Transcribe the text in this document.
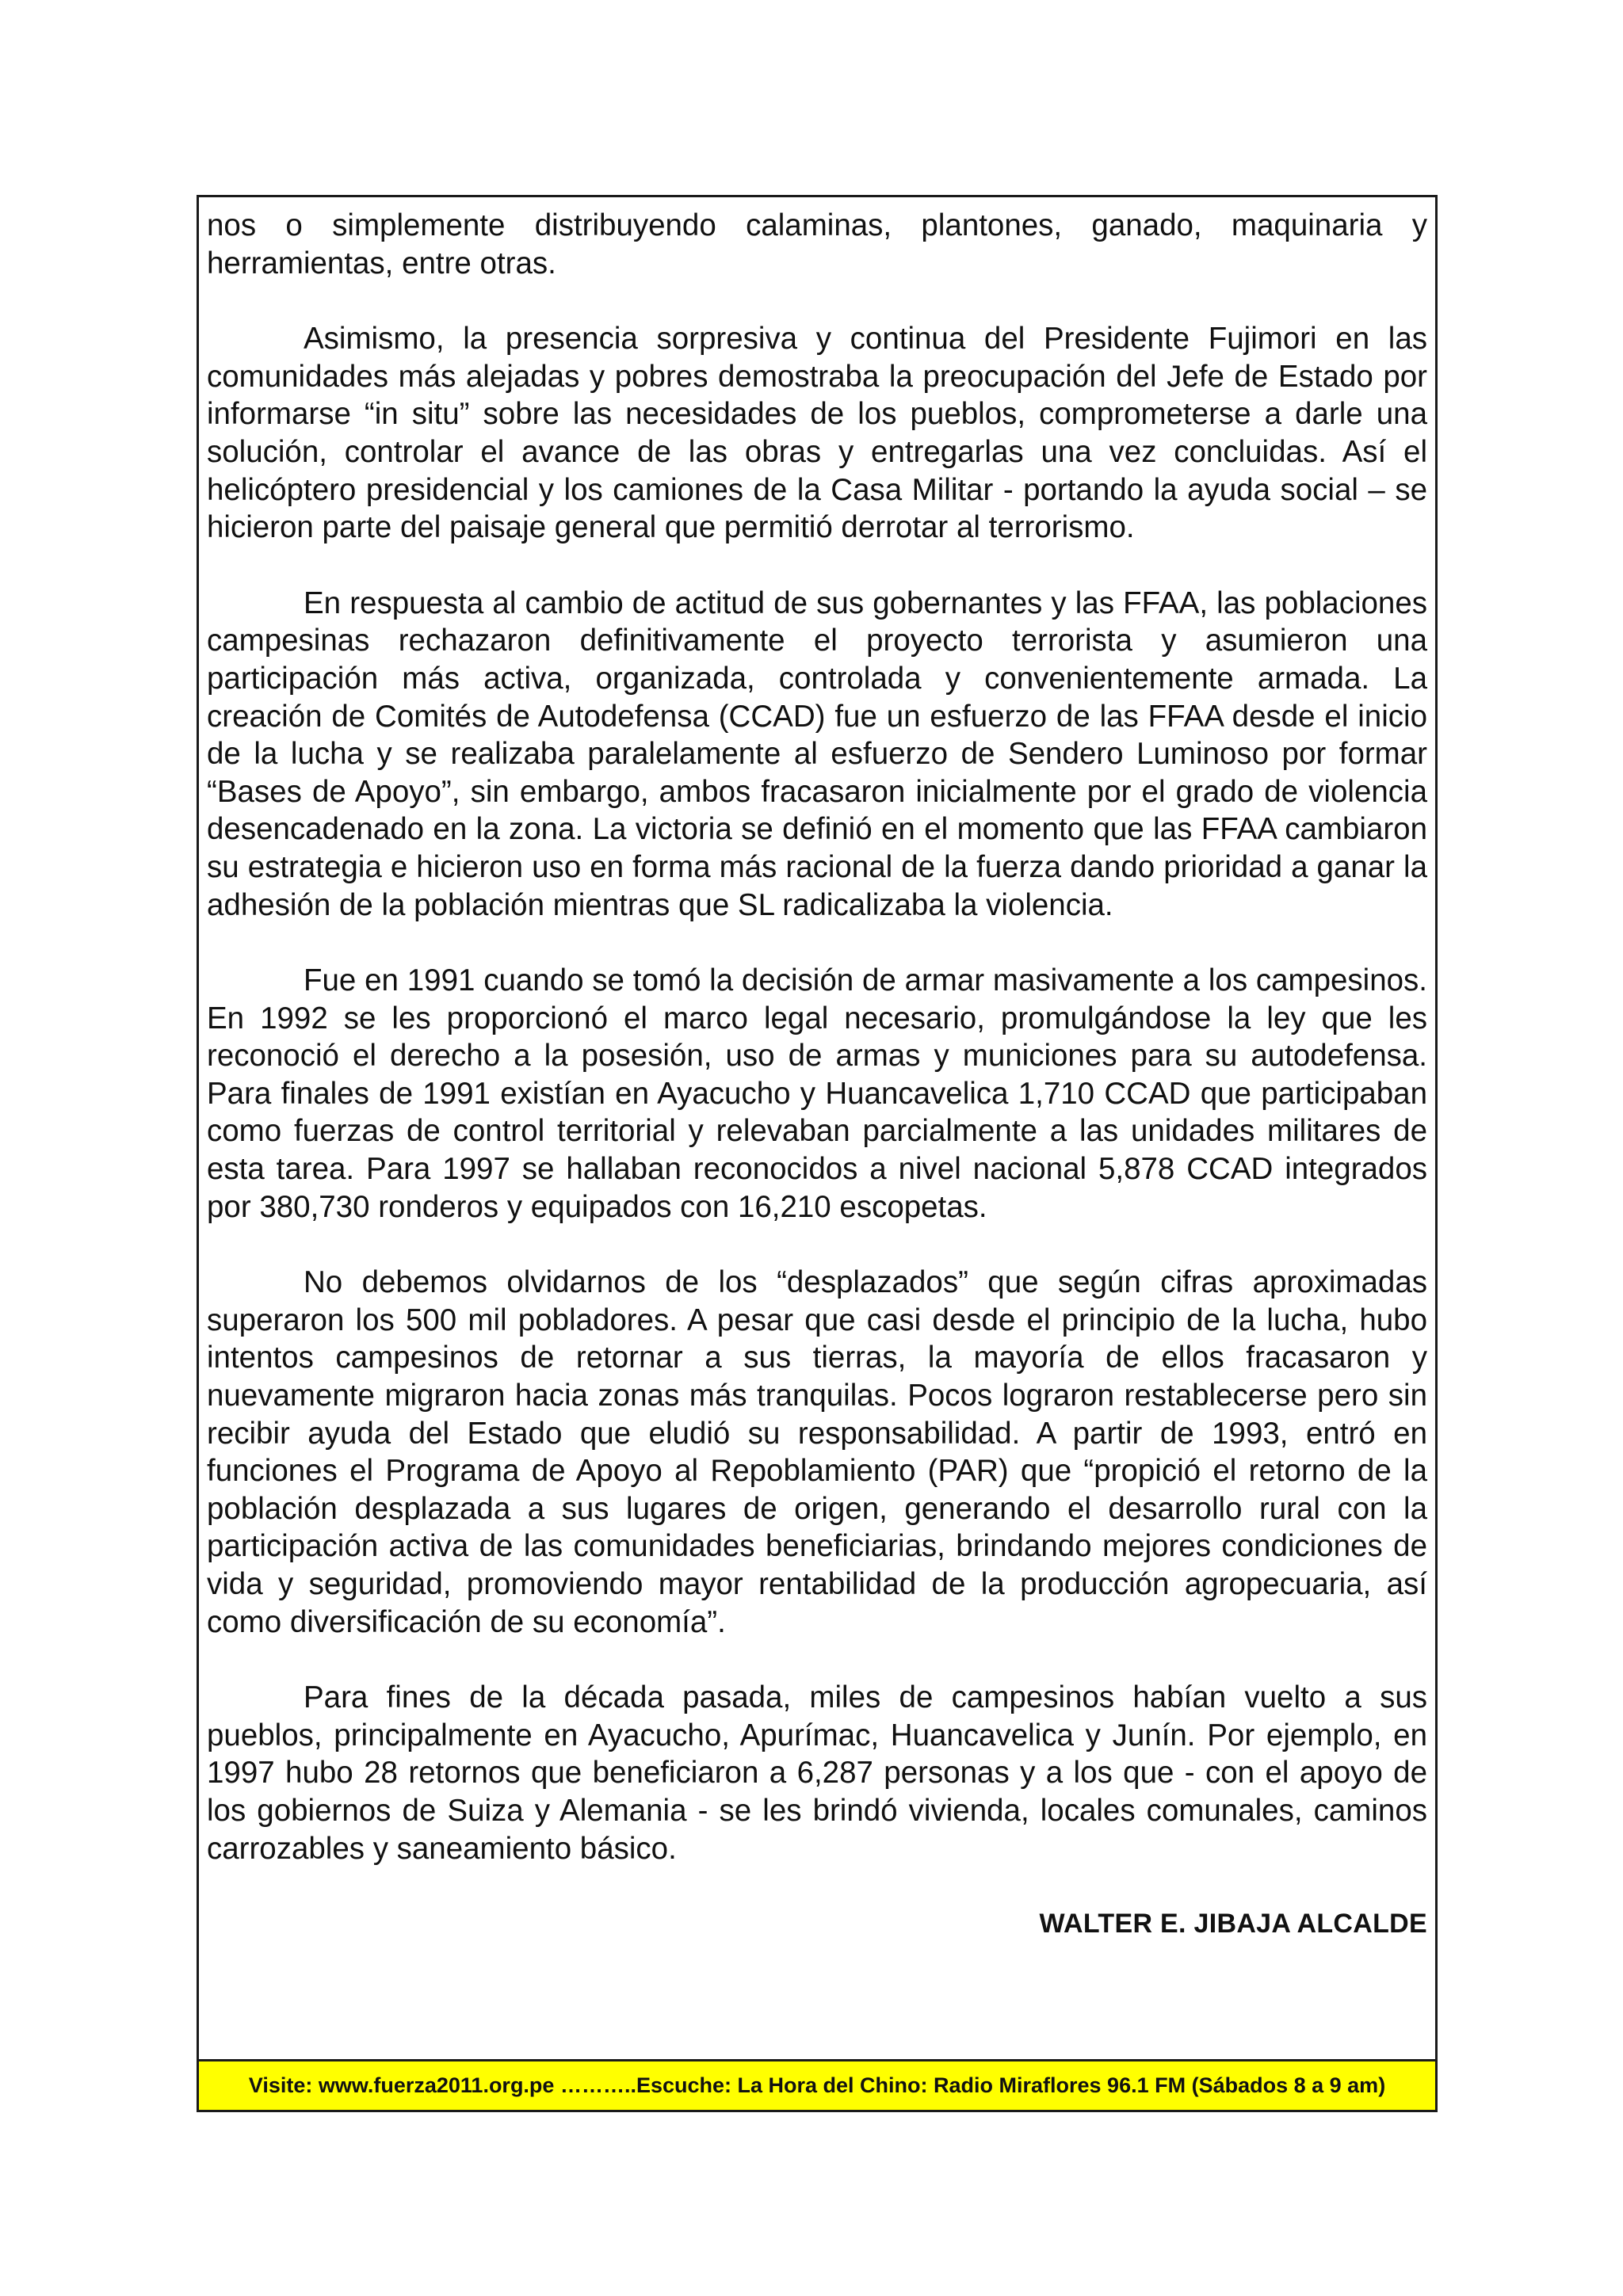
nos o simplemente distribuyendo calaminas, plantones, ganado, maquinaria y herramientas, entre otras.

Asimismo, la presencia sorpresiva y continua del Presidente Fujimori en las comunidades más alejadas y pobres demostraba la preocupación del Jefe de Estado por informarse “in situ” sobre las necesidades de los pueblos, comprometerse a darle una solución, controlar el avance de las obras y entregarlas una vez concluidas. Así el helicóptero presidencial y los camiones de la Casa Militar - portando la ayuda social – se hicieron parte del paisaje general que permitió derrotar al terrorismo.

En respuesta al cambio de actitud de sus gobernantes y las FFAA, las poblaciones campesinas rechazaron definitivamente el proyecto terrorista y asumieron una participación más activa, organizada, controlada y convenientemente armada. La creación de Comités de Autodefensa (CCAD) fue un esfuerzo de las FFAA desde el inicio de la lucha y se realizaba paralelamente al esfuerzo de Sendero Luminoso por formar “Bases de Apoyo”, sin embargo, ambos fracasaron inicialmente por el grado de violencia desencadenado en la zona. La victoria se definió en el momento que las FFAA cambiaron su estrategia e hicieron uso en forma más racional de la fuerza dando prioridad a ganar la adhesión de la población mientras que SL radicalizaba la violencia.

Fue en 1991 cuando se tomó la decisión de armar masivamente a los campesinos. En 1992 se les proporcionó el marco legal necesario, promulgándose la ley que les reconoció el derecho a la posesión, uso de armas y municiones para su autodefensa. Para finales de 1991 existían en Ayacucho y Huancavelica 1,710 CCAD que participaban como fuerzas de control territorial y relevaban parcialmente a las unidades militares de esta tarea. Para 1997 se hallaban reconocidos a nivel nacional 5,878 CCAD integrados por 380,730 ronderos y equipados con 16,210 escopetas.

No debemos olvidarnos de los “desplazados” que según cifras aproximadas superaron los 500 mil pobladores. A pesar que casi desde el principio de la lucha, hubo intentos campesinos de retornar a sus tierras, la mayoría de ellos fracasaron y nuevamente migraron hacia zonas más tranquilas. Pocos lograron restablecerse pero sin recibir ayuda del Estado que eludió su responsabilidad. A partir de 1993, entró en funciones el Programa de Apoyo al Repoblamiento (PAR) que “propició el retorno de la población desplazada a sus lugares de origen, generando el desarrollo rural con la participación activa de las comunidades beneficiarias, brindando mejores condiciones de vida y seguridad, promoviendo mayor rentabilidad de la producción agropecuaria, así como diversificación de su economía”.

Para fines de la década pasada, miles de campesinos habían vuelto a sus pueblos, principalmente en Ayacucho, Apurímac, Huancavelica y Junín. Por ejemplo, en 1997 hubo 28 retornos que beneficiaron a 6,287 personas y a los que - con el apoyo de los gobiernos de Suiza y Alemania - se les brindó vivienda, locales comunales, caminos carrozables y saneamiento básico.

WALTER E. JIBAJA ALCALDE

Visite: www.fuerza2011.org.pe ………..Escuche: La Hora del Chino: Radio Miraflores 96.1 FM (Sábados 8 a 9 am)
